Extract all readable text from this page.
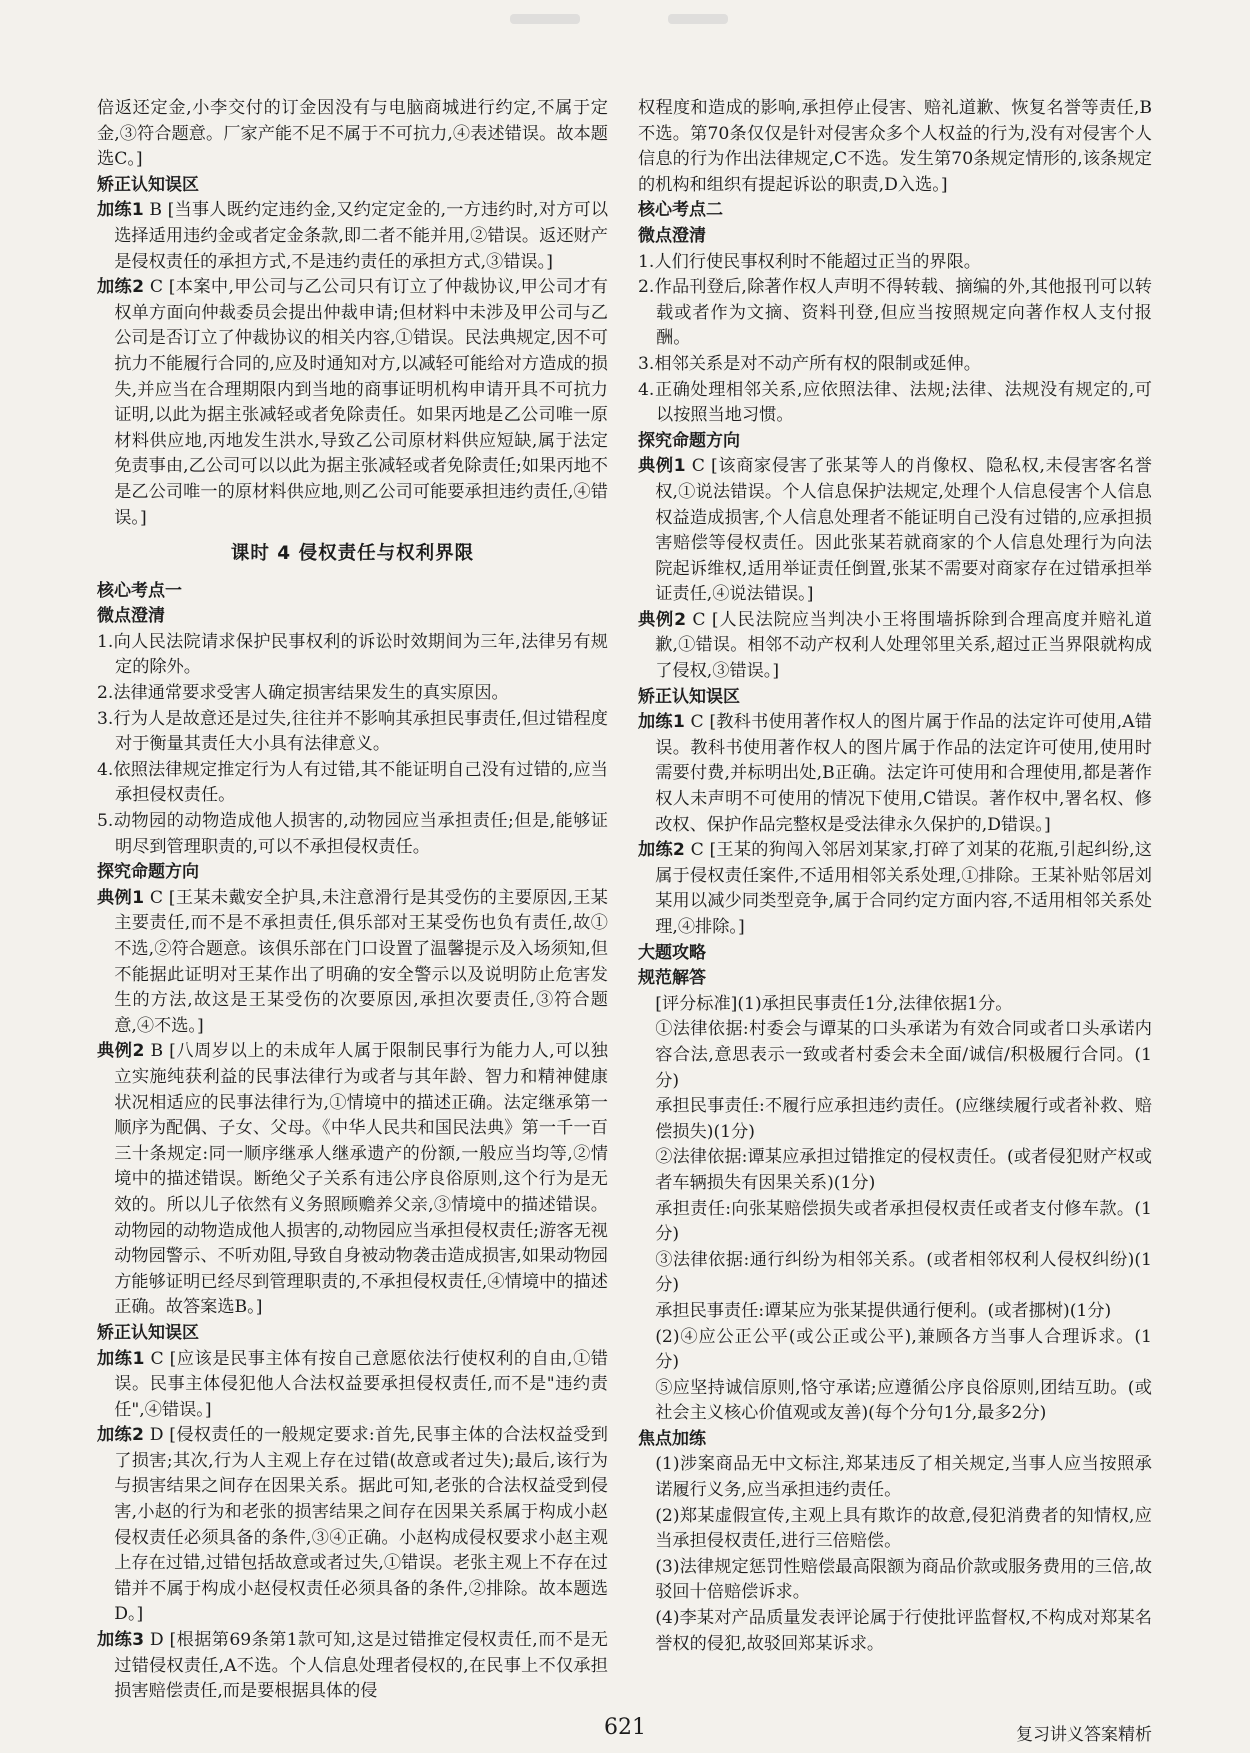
倍返还定金,小李交付的订金因没有与电脑商城进行约定,不属于定金,③符合题意。厂家产能不足不属于不可抗力,④表述错误。故本题选C。]

矫正认知误区

加练1 B [当事人既约定违约金,又约定定金的,一方违约时,对方可以选择适用违约金或者定金条款,即二者不能并用,②错误。返还财产是侵权责任的承担方式,不是违约责任的承担方式,③错误。]

加练2 C [本案中,甲公司与乙公司只有订立了仲裁协议,甲公司才有权单方面向仲裁委员会提出仲裁申请;但材料中未涉及甲公司与乙公司是否订立了仲裁协议的相关内容,①错误。民法典规定,因不可抗力不能履行合同的,应及时通知对方,以减轻可能给对方造成的损失,并应当在合理期限内到当地的商事证明机构申请开具不可抗力证明,以此为据主张减轻或者免除责任。如果丙地是乙公司唯一原材料供应地,丙地发生洪水,导致乙公司原材料供应短缺,属于法定免责事由,乙公司可以以此为据主张减轻或者免除责任;如果丙地不是乙公司唯一的原材料供应地,则乙公司可能要承担违约责任,④错误。]

课时 4 侵权责任与权利界限

核心考点一

微点澄清

1.向人民法院请求保护民事权利的诉讼时效期间为三年,法律另有规定的除外。

2.法律通常要求受害人确定损害结果发生的真实原因。

3.行为人是故意还是过失,往往并不影响其承担民事责任,但过错程度对于衡量其责任大小具有法律意义。

4.依照法律规定推定行为人有过错,其不能证明自己没有过错的,应当承担侵权责任。

5.动物园的动物造成他人损害的,动物园应当承担责任;但是,能够证明尽到管理职责的,可以不承担侵权责任。

探究命题方向

典例1 C [王某未戴安全护具,未注意滑行是其受伤的主要原因,王某主要责任,而不是不承担责任,俱乐部对王某受伤也负有责任,故①不选,②符合题意。该俱乐部在门口设置了温馨提示及入场须知,但不能据此证明对王某作出了明确的安全警示以及说明防止危害发生的方法,故这是王某受伤的次要原因,承担次要责任,③符合题意,④不选。]

典例2 B [八周岁以上的未成年人属于限制民事行为能力人,可以独立实施纯获利益的民事法律行为或者与其年龄、智力和精神健康状况相适应的民事法律行为,①情境中的描述正确。法定继承第一顺序为配偶、子女、父母。《中华人民共和国民法典》第一千一百三十条规定:同一顺序继承人继承遗产的份额,一般应当均等,②情境中的描述错误。断绝父子关系有违公序良俗原则,这个行为是无效的。所以儿子依然有义务照顾赡养父亲,③情境中的描述错误。动物园的动物造成他人损害的,动物园应当承担侵权责任;游客无视动物园警示、不听劝阻,导致自身被动物袭击造成损害,如果动物园方能够证明已经尽到管理职责的,不承担侵权责任,④情境中的描述正确。故答案选B。]

矫正认知误区

加练1 C [应该是民事主体有按自己意愿依法行使权利的自由,①错误。民事主体侵犯他人合法权益要承担侵权责任,而不是"违约责任",④错误。]

加练2 D [侵权责任的一般规定要求:首先,民事主体的合法权益受到了损害;其次,行为人主观上存在过错(故意或者过失);最后,该行为与损害结果之间存在因果关系。据此可知,老张的合法权益受到侵害,小赵的行为和老张的损害结果之间存在因果关系属于构成小赵侵权责任必须具备的条件,③④正确。小赵构成侵权要求小赵主观上存在过错,过错包括故意或者过失,①错误。老张主观上不存在过错并不属于构成小赵侵权责任必须具备的条件,②排除。故本题选D。]

加练3 D [根据第69条第1款可知,这是过错推定侵权责任,而不是无过错侵权责任,A不选。个人信息处理者侵权的,在民事上不仅承担损害赔偿责任,而是要根据具体的侵

权程度和造成的影响,承担停止侵害、赔礼道歉、恢复名誉等责任,B不选。第70条仅仅是针对侵害众多个人权益的行为,没有对侵害个人信息的行为作出法律规定,C不选。发生第70条规定情形的,该条规定的机构和组织有提起诉讼的职责,D入选。]

核心考点二

微点澄清

1.人们行使民事权利时不能超过正当的界限。

2.作品刊登后,除著作权人声明不得转载、摘编的外,其他报刊可以转载或者作为文摘、资料刊登,但应当按照规定向著作权人支付报酬。

3.相邻关系是对不动产所有权的限制或延伸。

4.正确处理相邻关系,应依照法律、法规;法律、法规没有规定的,可以按照当地习惯。

探究命题方向

典例1 C [该商家侵害了张某等人的肖像权、隐私权,未侵害客名誉权,①说法错误。个人信息保护法规定,处理个人信息侵害个人信息权益造成损害,个人信息处理者不能证明自己没有过错的,应承担损害赔偿等侵权责任。因此张某若就商家的个人信息处理行为向法院起诉维权,适用举证责任倒置,张某不需要对商家存在过错承担举证责任,④说法错误。]

典例2 C [人民法院应当判决小王将围墙拆除到合理高度并赔礼道歉,①错误。相邻不动产权利人处理邻里关系,超过正当界限就构成了侵权,③错误。]

矫正认知误区

加练1 C [教科书使用著作权人的图片属于作品的法定许可使用,A错误。教科书使用著作权人的图片属于作品的法定许可使用,使用时需要付费,并标明出处,B正确。法定许可使用和合理使用,都是著作权人未声明不可使用的情况下使用,C错误。著作权中,署名权、修改权、保护作品完整权是受法律永久保护的,D错误。]

加练2 C [王某的狗闯入邻居刘某家,打碎了刘某的花瓶,引起纠纷,这属于侵权责任案件,不适用相邻关系处理,①排除。王某补贴邻居刘某用以减少同类型竞争,属于合同约定方面内容,不适用相邻关系处理,④排除。]

大题攻略

规范解答

[评分标准](1)承担民事责任1分,法律依据1分。

①法律依据:村委会与谭某的口头承诺为有效合同或者口头承诺内容合法,意思表示一致或者村委会未全面/诚信/积极履行合同。(1分)

承担民事责任:不履行应承担违约责任。(应继续履行或者补救、赔偿损失)(1分)

②法律依据:谭某应承担过错推定的侵权责任。(或者侵犯财产权或者车辆损失有因果关系)(1分)

承担责任:向张某赔偿损失或者承担侵权责任或者支付修车款。(1分)

③法律依据:通行纠纷为相邻关系。(或者相邻权利人侵权纠纷)(1分)

承担民事责任:谭某应为张某提供通行便利。(或者挪树)(1分)

(2)④应公正公平(或公正或公平),兼顾各方当事人合理诉求。(1分)

⑤应坚持诚信原则,恪守承诺;应遵循公序良俗原则,团结互助。(或社会主义核心价值观或友善)(每个分句1分,最多2分)

焦点加练

(1)涉案商品无中文标注,郑某违反了相关规定,当事人应当按照承诺履行义务,应当承担违约责任。

(2)郑某虚假宣传,主观上具有欺诈的故意,侵犯消费者的知情权,应当承担侵权责任,进行三倍赔偿。

(3)法律规定惩罚性赔偿最高限额为商品价款或服务费用的三倍,故驳回十倍赔偿诉求。

(4)李某对产品质量发表评论属于行使批评监督权,不构成对郑某名誉权的侵犯,故驳回郑某诉求。

621	复习讲义答案精析
